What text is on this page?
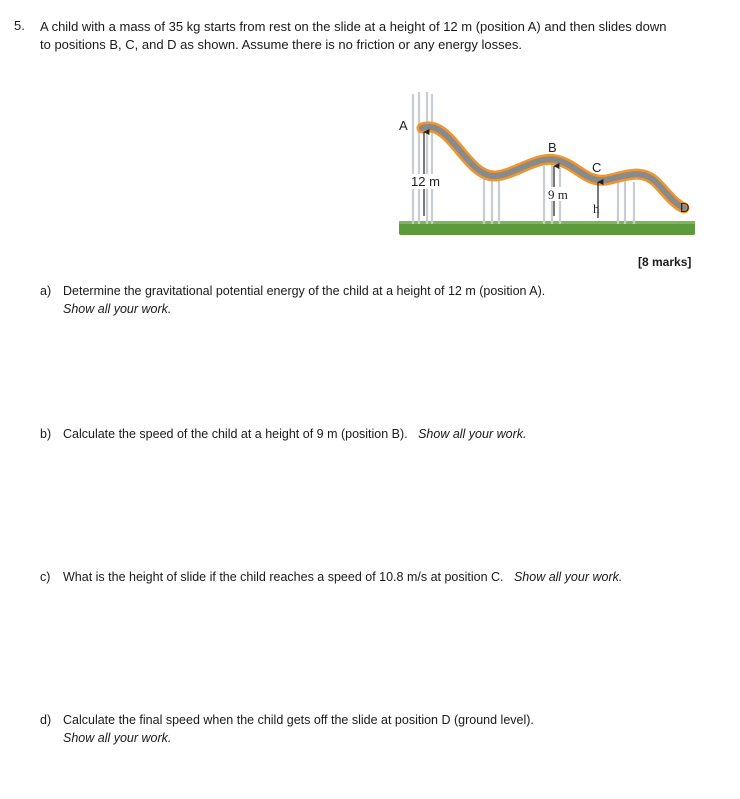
5. A child with a mass of 35 kg starts from rest on the slide at a height of 12 m (position A) and then slides down
to positions B, C, and D as shown. Assume there is no friction or any energy losses.
12 m
9 m
h
A
B
C
D
[8 marks]
a) Determine the gravitational potential energy of the child at a height of 12 m (position A).
Show all your work.
b) Calculate the speed of the child at a height of 9 m (position B). Show all your work.
c) What is the height of slide if the child reaches a speed of 10.8 m/s at position C. Show all your work.
d) Calculate the final speed when the child gets off the slide at position D (ground level).
Show all your work.
